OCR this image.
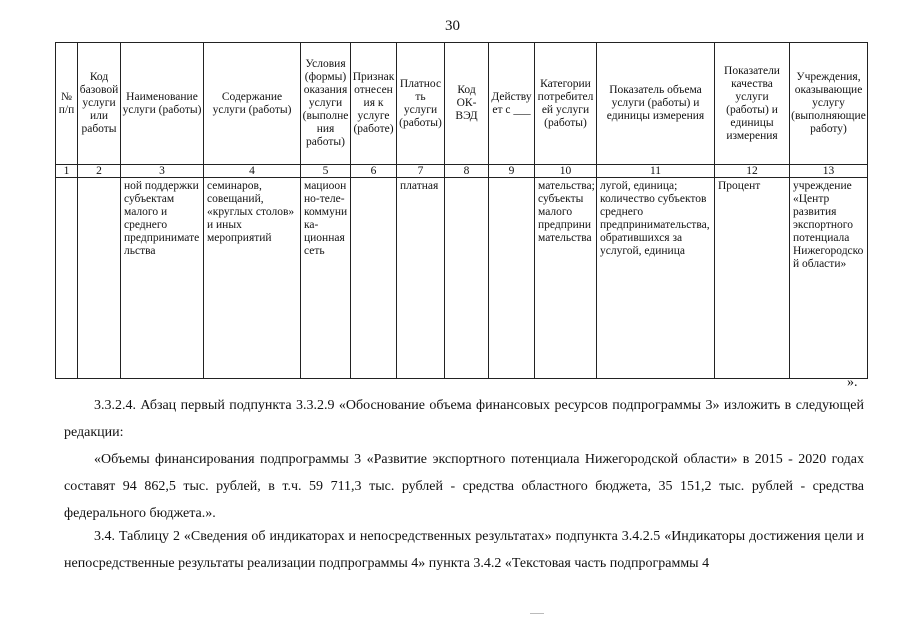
30
№ п/п	Код базовой услуги или работы	Наименование услуги (работы)	Содержание услуги (работы)	Условия (формы) оказания услуги (выполнения работы)	Признак отнесения к услуге (работе)	Платность услуги (работы)	Код ОК-ВЭД	Действует с ___	Категории потребителей услуги (работы)	Показатель объема услуги (работы) и единицы измерения	Показатели качества услуги (работы) и единицы измерения	Учреждения, оказывающие услугу (выполняющие работу)
1	2	3	4	5	6	7	8	9	10	11	12	13
		ной поддержки субъектам малого и среднего предпринимательства	семинаров, совещаний, «круглых столов» и иных мероприятий	мациоонно-теле-коммуника-ционная сеть		платная			мательства; субъекты малого предпринимательства	лугой, единица; количество субъектов среднего предпринимательства, обратившихся за услугой, единица	Процент	учреждение «Центр развития экспортного потенциала Нижегородской области»
».
3.3.2.4. Абзац первый подпункта 3.3.2.9 «Обоснование объема финансовых ресурсов подпрограммы 3» изложить в следующей редакции:
«Объемы финансирования подпрограммы 3 «Развитие экспортного потенциала Нижегородской области» в 2015 - 2020 годах составят 94 862,5 тыс. рублей, в т.ч. 59 711,3 тыс. рублей - средства областного бюджета, 35 151,2 тыс. рублей - средства федерального бюджета.».
3.4. Таблицу 2 «Сведения об индикаторах и непосредственных результатах» подпункта 3.4.2.5 «Индикаторы достижения цели и непосредственные результаты реализации подпрограммы 4» пункта 3.4.2 «Текстовая часть подпрограммы 4
